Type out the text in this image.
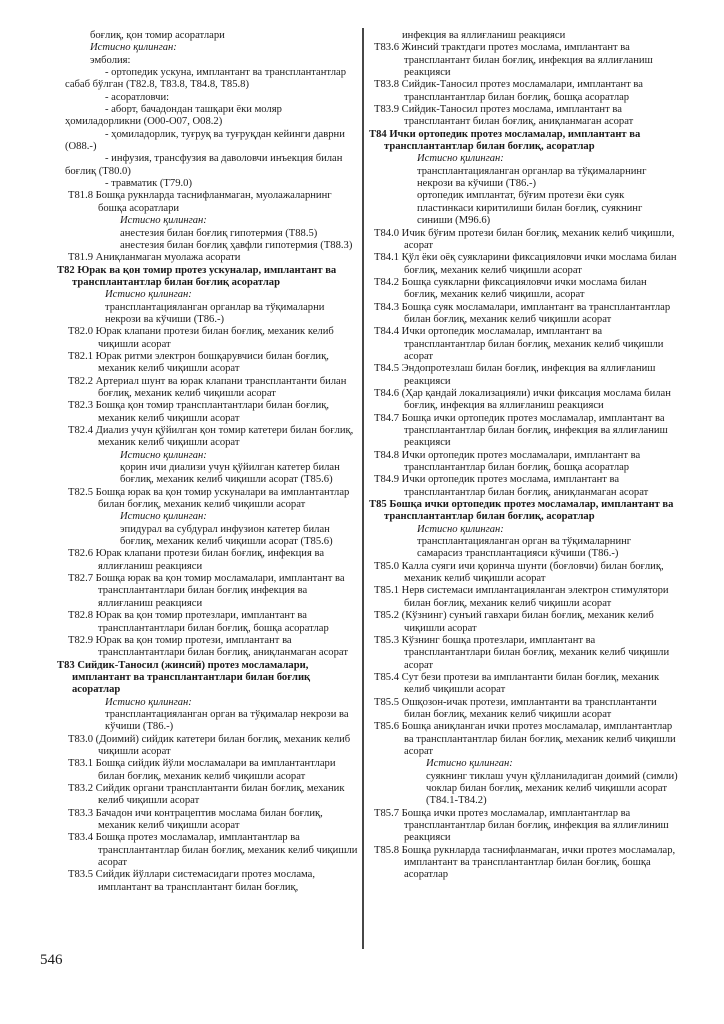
боғлиқ, қон томир асоратлари
Истисно қилинган:
эмболия:
- ортопедик ускуна, имплантант ва трансплантантлар сабаб бўлган (Т82.8, Т83.8, Т84.8, Т85.8)
- асоратловчи:
- аборт, бачадондан ташқари ёки моляр ҳомиладорликни (О00-О07, О08.2)
- ҳомиладорлик, туғруқ ва туғруқдан кейинги даврни (О88.-)
- инфузия, трансфузия ва даволовчи инъекция билан боғлиқ (Т80.0)
- травматик (Т79.0)
Т81.8 Бошқа рукнларда таснифланмаган, муолажаларнинг бошқа асоратлари
Истисно қилинган:
анестезия билан боғлиқ гипотермия (Т88.5)
анестезия билан боғлиқ ҳавфли гипотермия (Т88.3)
Т81.9 Аниқланмаган муолажа асорати
Т82 Юрак ва қон томир протез ускуналар, имплантант ва трансплантантлар билан боғлиқ асоратлар
Истисно қилинган:
трансплантацияланган органлар ва тўқималарни некрози ва кўчиши (Т86.-)
Т82.0 Юрак клапани протези билан боғлиқ, механик келиб чиқишли асорат
Т82.1 Юрак ритми электрон бошқарувчиси билан боғлиқ, механик келиб чиқишли асорат
Т82.2 Артериал шунт ва юрак клапани трансплантанти билан боғлиқ, механик келиб чиқишли асорат
Т82.3 Бошқа қон томир трансплантантлари билан боғлиқ, механик келиб чиқишли асорат
Т82.4 Диализ учун қўйилган қон томир катетери билан боғлиқ, механик келиб чиқишли асорат
Истисно қилинган:
қорин ичи диализи учун қўйилган катетер билан боғлиқ, механик келиб чиқишли асорат (Т85.6)
Т82.5 Бошқа юрак ва қон томир ускуналари ва имплантантлар билан боғлиқ, механик келиб чиқишли асорат
Истисно қилинган:
эпидурал ва субдурал инфузион катетер билан боғлиқ, механик келиб чиқишли асорат (Т85.6)
Т82.6 Юрак клапани протези билан боғлиқ, инфекция ва яллиғланиш реакцияси
Т82.7 Бошқа юрак ва қон томир мосламалари, имплантант ва трансплантантлари билан боғлиқ инфекция ва яллиғланиш реакцияси
Т82.8 Юрак ва қон томир протезлари, имплантант ва трансплантантлари билан боғлиқ, бошқа асоратлар
Т82.9 Юрак ва қон томир протези, имплантант ва трансплантантлари билан боғлиқ, аниқланмаган асорат
Т83 Сийдик-Таносил (жинсий) протез мосламалари, имплантант ва трансплантантлари билан боғлиқ асоратлар
Истисно қилинган:
трансплантацияланган орган ва тўқималар некрози ва кўчиши (Т86.-)
Т83.0 (Доимий) сийдик катетери билан боғлиқ, механик келиб чиқишли асорат
Т83.1 Бошқа сийдик йўли мосламалари ва имплантантлари билан боғлиқ, механик келиб чиқишли асорат
Т83.2 Сийдик органи трансплантанти билан боғлиқ, механик келиб чиқишли асорат
Т83.3 Бачадон ичи контрацептив мослама билан боғлиқ, механик келиб чиқишли асорат
Т83.4 Бошқа протез мосламалар, имплантантлар ва трансплантантлар билан боғлиқ, механик келиб чиқишли асорат
Т83.5 Сийдик йўллари системасидаги протез мослама, имплантант ва трансплантант билан боғлиқ,
инфекция ва яллиғланиш реакцияси
Т83.6 Жинсий трактдаги протез мослама, имплантант ва трансплантант билан боғлиқ, инфекция ва яллиғланиш реакцияси
Т83.8 Сийдик-Таносил протез мосламалари, имплантант ва трансплантантлар билан боғлиқ, бошқа асоратлар
Т83.9 Сийдик-Таносил протез мослама, имплантант ва трансплантант билан боғлиқ, аниқланмаган асорат
Т84 Ички ортопедик протез мосламалар, имплантант ва трансплантантлар билан боғлиқ, асоратлар
Истисно қилинган:
трансплантацияланган органлар ва тўқималарнинг некрози ва кўчиши (Т86.-)
ортопедик имплантат, бўғим протези ёки суяк пластинкаси киритилиши билан боғлиқ, суякнинг синиши (М96.6)
Т84.0 Ичик бўғим протези билан боғлиқ, механик келиб чиқишли, асорат
Т84.1 Қўл ёки оёқ суякларини фиксацияловчи ички мослама билан боғлиқ, механик келиб чиқишли асорат
Т84.2 Бошқа суякларни фиксацияловчи ички мослама билан боғлиқ, механик келиб чиқишли, асорат
Т84.3 Бошқа суяк мосламалари, имплантант ва трансплантантлар билан боғлиқ, механик келиб чиқишли асорат
Т84.4 Ички ортопедик мосламалар, имплантант ва трансплантантлар билан боғлиқ, механик келиб чиқишли асорат
Т84.5 Эндопротезлаш билан боғлиқ, инфекция ва яллиғланиш реакцияси
Т84.6 (Ҳар қандай локализацияли) ички фиксация мослама билан боғлиқ, инфекция ва яллиғланиш реакцияси
Т84.7 Бошқа ички ортопедик протез мосламалар, имплантант ва трансплантантлар билан боғлиқ, инфекция ва яллиғланиш реакцияси
Т84.8 Ички ортопедик протез мосламалари, имплантант ва трансплантантлар билан боғлиқ, бошқа асоратлар
Т84.9 Ички ортопедик протез мослама, имплантант ва трансплантантлар билан боғлиқ, аниқланмаган асорат
Т85 Бошқа ички ортопедик протез мосламалар, имплантант ва трансплантантлар билан боғлиқ, асоратлар
Истисно қилинган:
трансплантацияланган орган ва тўқималарнинг самарасиз трансплантацияси кўчиши (Т86.-)
Т85.0 Калла суяги ичи қоринча шунти (боғловчи) билан боғлиқ, механик келиб чиқишли асорат
Т85.1 Нерв системаси имплантацияланган электрон стимулятори билан боғлиқ, механик келиб чиқишли асорат
Т85.2 (Кўзнинг) сунъий гавхари билан боғлиқ, механик келиб чиқишли асорат
Т85.3 Кўзнинг бошқа протезлари, имплантант ва трансплантантлари билан боғлиқ, механик келиб чиқишли асорат
Т85.4 Сут бези протези ва имплантанти билан боғлиқ, механик келиб чиқишли асорат
Т85.5 Ошқозон-ичак протези, имплантанти ва трансплантанти билан боғлиқ, механик келиб чиқишли асорат
Т85.6 Бошқа аниқланган ички протез мосламалар, имплантантлар ва трансплантантлар билан боғлиқ, механик келиб чиқишли асорат
Истисно қилинган:
суякнинг тиклаш учун қўлланиладиган доимий (симли) чоклар билан боғлиқ, механик келиб чиқишли асорат (Т84.1-Т84.2)
Т85.7 Бошқа ички протез мосламалар, имплантантлар ва трансплантантлар билан боғлиқ, инфекция ва яллиғлиниш реакцияси
Т85.8 Бошқа рукнларда таснифланмаган, ички протез мосламалар, имплантант ва трансплантантлар билан боғлиқ, бошқа асоратлар
546
